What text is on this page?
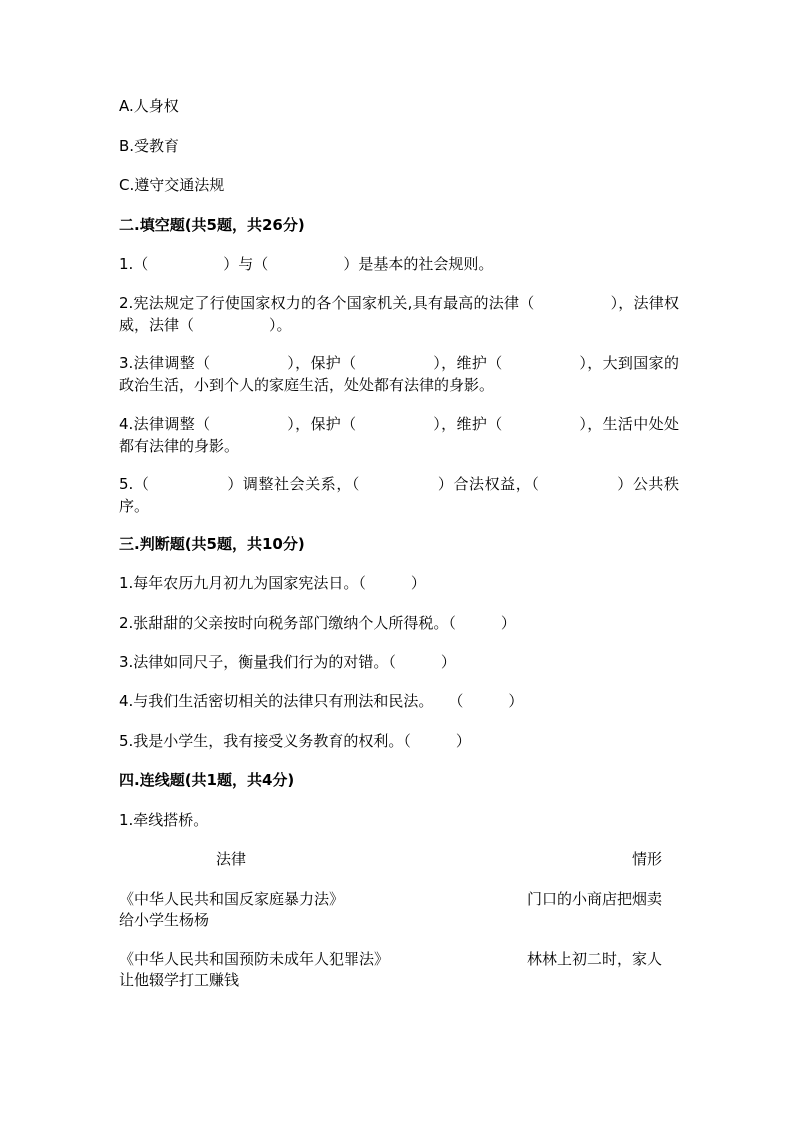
A.人身权
B.受教育
C.遵守交通法规
二.填空题(共5题，共26分)
1.（　　　　　）与（　　　　　）是基本的社会规则。
2.宪法规定了行使国家权力的各个国家机关,具有最高的法律（　　　　　），法律权威，法律（　　　　　）。
3.法律调整（　　　　　），保护（　　　　　），维护（　　　　　），大到国家的政治生活，小到个人的家庭生活，处处都有法律的身影。
4.法律调整（　　　　　），保护（　　　　　），维护（　　　　　），生活中处处都有法律的身影。
5.（　　　　　）调整社会关系，（　　　　　）合法权益，（　　　　　）公共秩序。
三.判断题(共5题，共10分)
1.每年农历九月初九为国家宪法日。（　　　）
2.张甜甜的父亲按时向税务部门缴纳个人所得税。（　　　）
3.法律如同尺子，衡量我们行为的对错。（　　　）
4.与我们生活密切相关的法律只有刑法和民法。　　（　　　）
5.我是小学生，我有接受义务教育的权利。（　　　）
四.连线题(共1题，共4分)
1.牵线搭桥。
法律	情形
《中华人民共和国反家庭暴力法》	门口的小商店把烟卖
给小学生杨杨
《中华人民共和国预防未成年人犯罪法》	林林上初二时，家人
让他辍学打工赚钱
